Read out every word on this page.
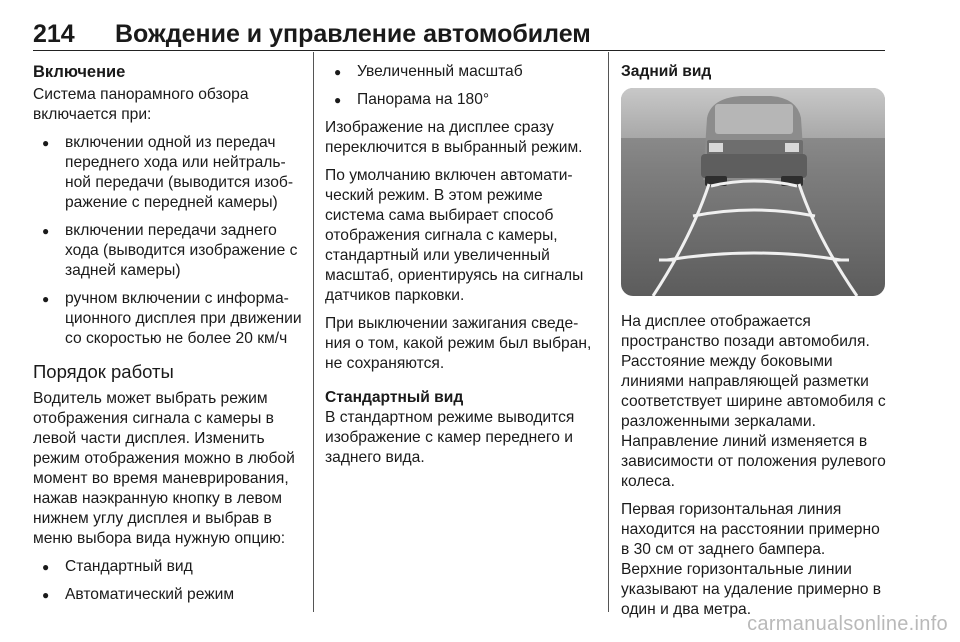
214 Вождение и управление автомобилем
Включение

Система панорамного обзора включается при:

● включении одной из передач переднего хода или нейтральной передачи (выводится изображение с передней камеры)
● включении передачи заднего хода (выводится изображение с задней камеры)
● ручном включении с информационного дисплея при движении со скоростью не более 20 км/ч
Порядок работы

Водитель может выбрать режим отображения сигнала с камеры в левой части дисплея. Изменить режим отображения можно в любой момент во время маневрирования, нажав наэкранную кнопку в левом нижнем углу дисплея и выбрав в меню выбора вида нужную опцию:

● Стандартный вид
● Автоматический режим
● Увеличенный масштаб
● Панорама на 180°

Изображение на дисплее сразу переключится в выбранный режим.

По умолчанию включен автоматический режим. В этом режиме система сама выбирает способ отображения сигнала с камеры, стандартный или увеличенный масштаб, ориентируясь на сигналы датчиков парковки.

При выключении зажигания сведения о том, какой режим был выбран, не сохраняются.

Стандартный вид

В стандартном режиме выводится изображение с камер переднего и заднего вида.

Задний вид

На дисплее отображается пространство позади автомобиля. Расстояние между боковыми линиями направляющей разметки соответствует ширине автомобиля с разложенными зеркалами. Направление линий изменяется в зависимости от положения рулевого колеса.

Первая горизонтальная линия находится на расстоянии примерно в 30 см от заднего бампера. Верхние горизонтальные линии указывают на удаление примерно в один и два метра.

carmanualsonline.info
